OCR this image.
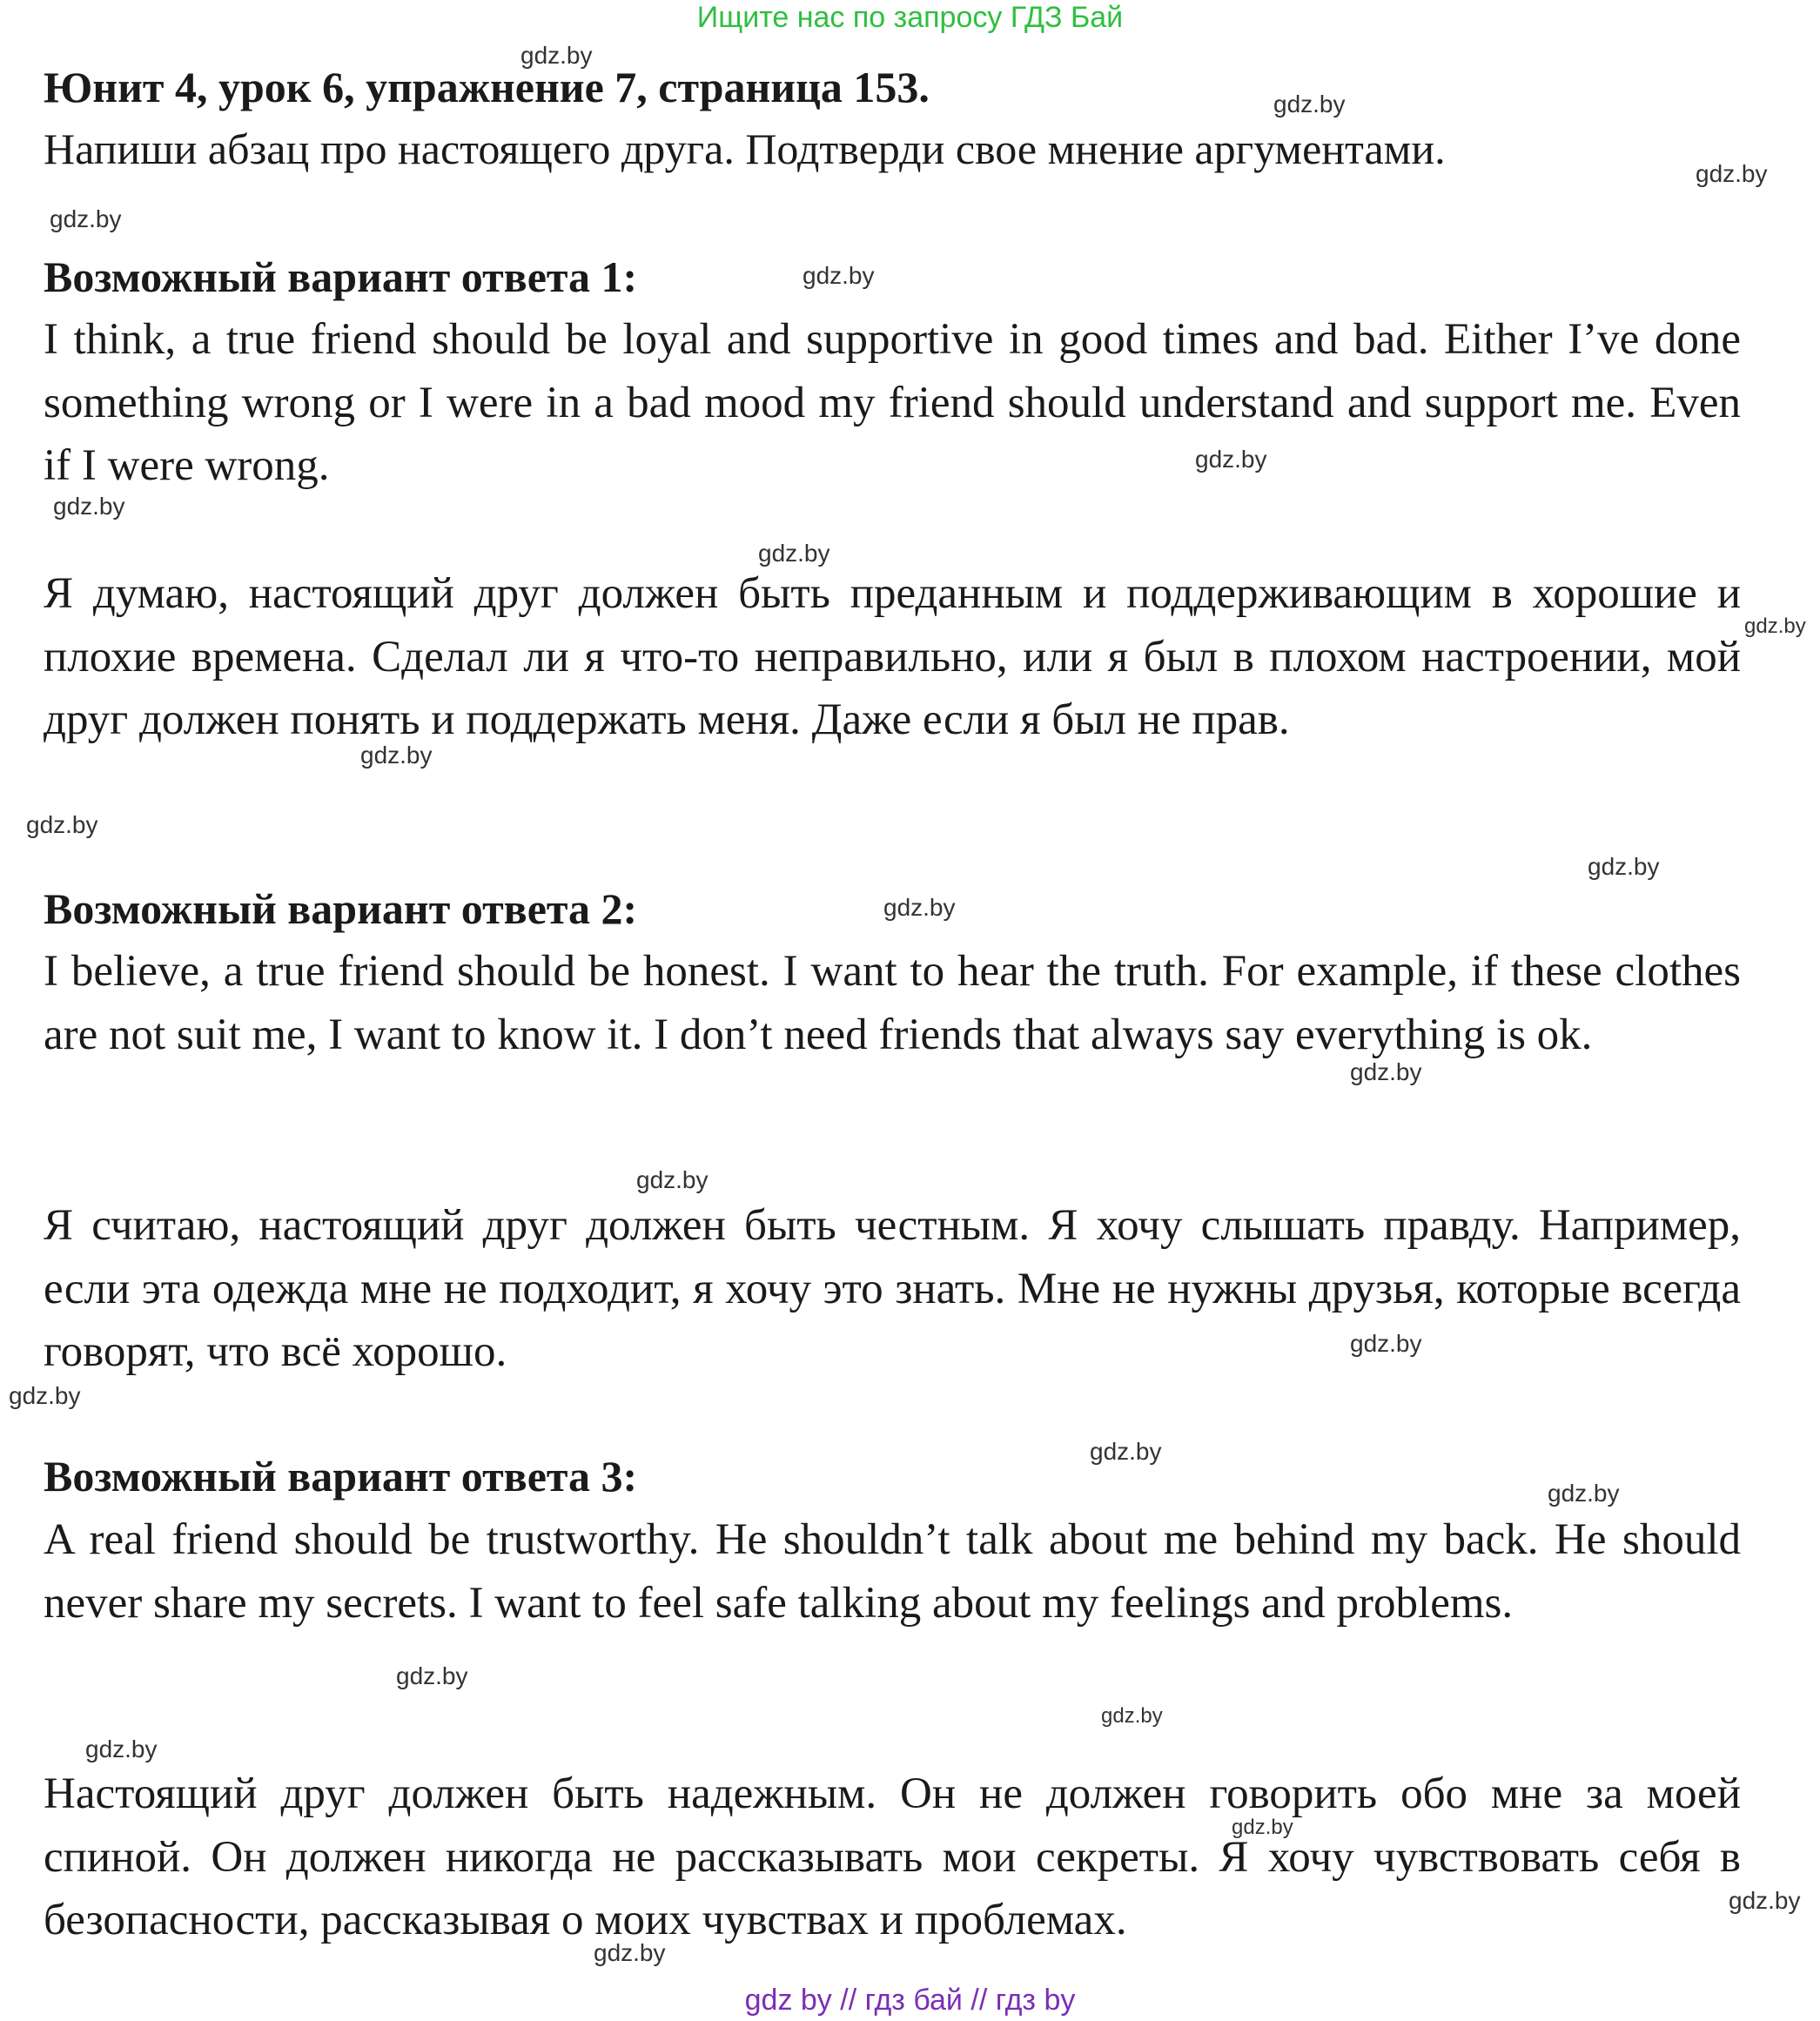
Ищите нас по запросу ГДЗ Бай
Юнит 4, урок 6, упражнение 7, страница 153.
Напиши абзац про настоящего друга. Подтверди свое мнение аргументами.
Возможный вариант ответа 1:
I think, a true friend should be loyal and supportive in good times and bad. Either I’ve done something wrong or I were in a bad mood my friend should understand and support me. Even if I were wrong.
Я думаю, настоящий друг должен быть преданным и поддерживающим в хорошие и плохие времена. Сделал ли я что-то неправильно, или я был в плохом настроении, мой друг должен понять и поддержать меня. Даже если я был не прав.
Возможный вариант ответа 2:
I believe, a true friend should be honest. I want to hear the truth. For example, if these clothes are not suit me, I want to know it. I don’t need friends that always say everything is ok.
Я считаю, настоящий друг должен быть честным. Я хочу слышать правду. Например, если эта одежда мне не подходит, я хочу это знать. Мне не нужны друзья, которые всегда говорят, что всё хорошо.
Возможный вариант ответа 3:
A real friend should be trustworthy. He shouldn’t talk about me behind my back. He should never share my secrets. I want to feel safe talking about my feelings and problems.
Настоящий друг должен быть надежным. Он не должен говорить обо мне за моей спиной. Он должен никогда не рассказывать мои секреты. Я хочу чувствовать себя в безопасности, рассказывая о моих чувствах и проблемах.
gdz.by
gdz.by
gdz.by
gdz.by
gdz.by
gdz.by
gdz.by
gdz.by
gdz.by
gdz.by
gdz.by
gdz.by
gdz.by
gdz.by
gdz.by
gdz.by
gdz.by
gdz.by
gdz.by
gdz.by
gdz.by
gdz.by
gdz.by
gdz.by
gdz.by
gdz by // гдз бай // гдз by
